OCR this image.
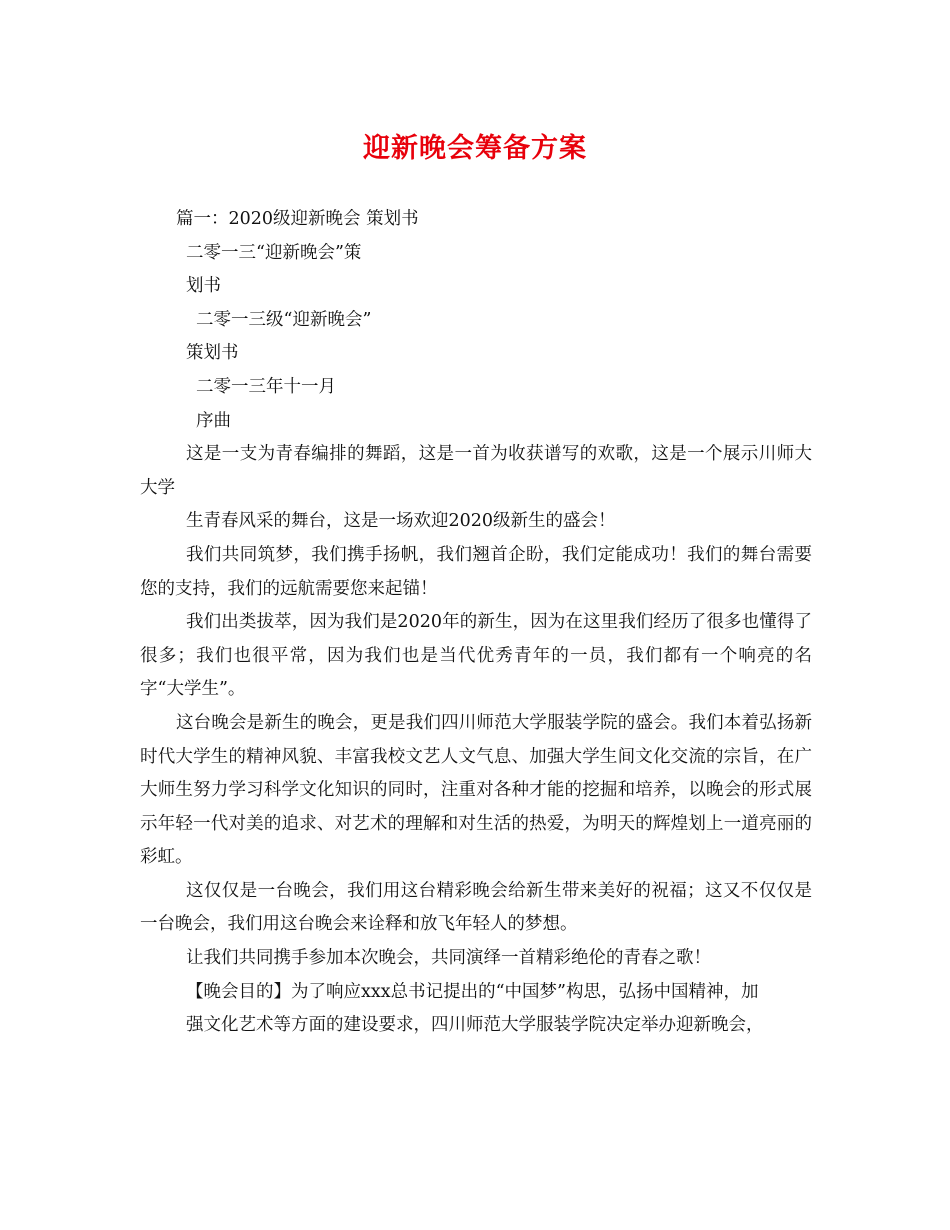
迎新晚会筹备方案
篇一：2020级迎新晚会 策划书
二零一三“迎新晚会”策
划书
二零一三级“迎新晚会”
策划书
二零一三年十一月
序曲

这是一支为青春编排的舞蹈，这是一首为收获谱写的欢歌，这是一个展示川师大大学

生青春风采的舞台，这是一场欢迎2020级新生的盛会！

我们共同筑梦，我们携手扬帆，我们翘首企盼，我们定能成功！我们的舞台需要您的支持，我们的远航需要您来起锚！

我们出类拔萃，因为我们是2020年的新生，因为在这里我们经历了很多也懂得了很多；我们也很平常，因为我们也是当代优秀青年的一员，我们都有一个响亮的名字“大学生”。

这台晚会是新生的晚会，更是我们四川师范大学服装学院的盛会。我们本着弘扬新时代大学生的精神风貌、丰富我校文艺人文气息、加强大学生间文化交流的宗旨，在广大师生努力学习科学文化知识的同时，注重对各种才能的挖掘和培养，以晚会的形式展示年轻一代对美的追求、对艺术的理解和对生活的热爱，为明天的辉煌划上一道亮丽的彩虹。

这仅仅是一台晚会，我们用这台精彩晚会给新生带来美好的祝福；这又不仅仅是一台晚会，我们用这台晚会来诠释和放飞年轻人的梦想。

让我们共同携手参加本次晚会，共同演绎一首精彩绝伦的青春之歌！

【晚会目的】为了响应xxx总书记提出的“中国梦”构思，弘扬中国精神，加

强文化艺术等方面的建设要求，四川师范大学服装学院决定举办迎新晚会，
